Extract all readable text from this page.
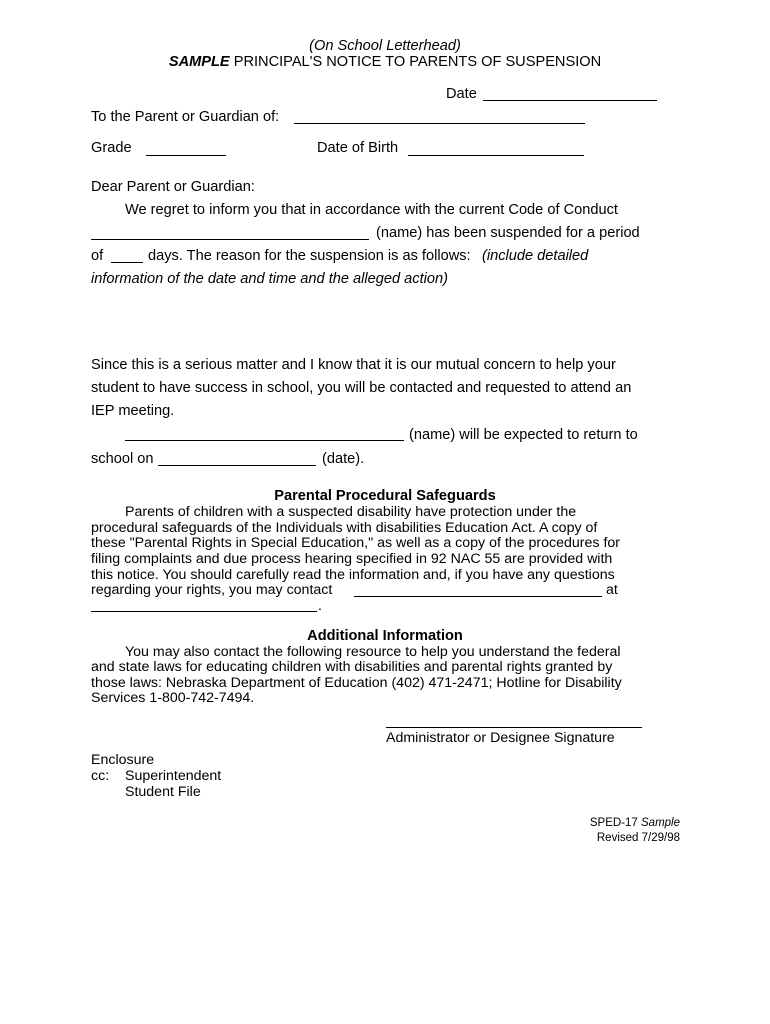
(On School Letterhead)
SAMPLE PRINCIPAL'S NOTICE TO PARENTS OF SUSPENSION
Date
To the Parent or Guardian of:
Grade	Date of Birth
Dear Parent or Guardian:
We regret to inform you that in accordance with the current Code of Conduct
(name) has been suspended for a period
of	days. The reason for the suspension is as follows: (include detailed
information of the date and time and the alleged action)
Since this is a serious matter and I know that it is our mutual concern to help your
student to have success in school, you will be contacted and requested to attend an
IEP meeting.
(name) will be expected to return to
school on	(date).
Parental Procedural Safeguards
Parents of children with a suspected disability have protection under the
procedural safeguards of the Individuals with disabilities Education Act. A copy of
these "Parental Rights in Special Education," as well as a copy of the procedures for
filing complaints and due process hearing specified in 92 NAC 55 are provided with
this notice. You should carefully read the information and, if you have any questions
regarding your rights, you may contact	at
.
Additional Information
You may also contact the following resource to help you understand the federal
and state laws for educating children with disabilities and parental rights granted by
those laws: Nebraska Department of Education (402) 471-2471; Hotline for Disability
Services 1-800-742-7494.
Administrator or Designee Signature
Enclosure
cc: Superintendent
Student File
SPED-17 Sample
Revised 7/29/98
